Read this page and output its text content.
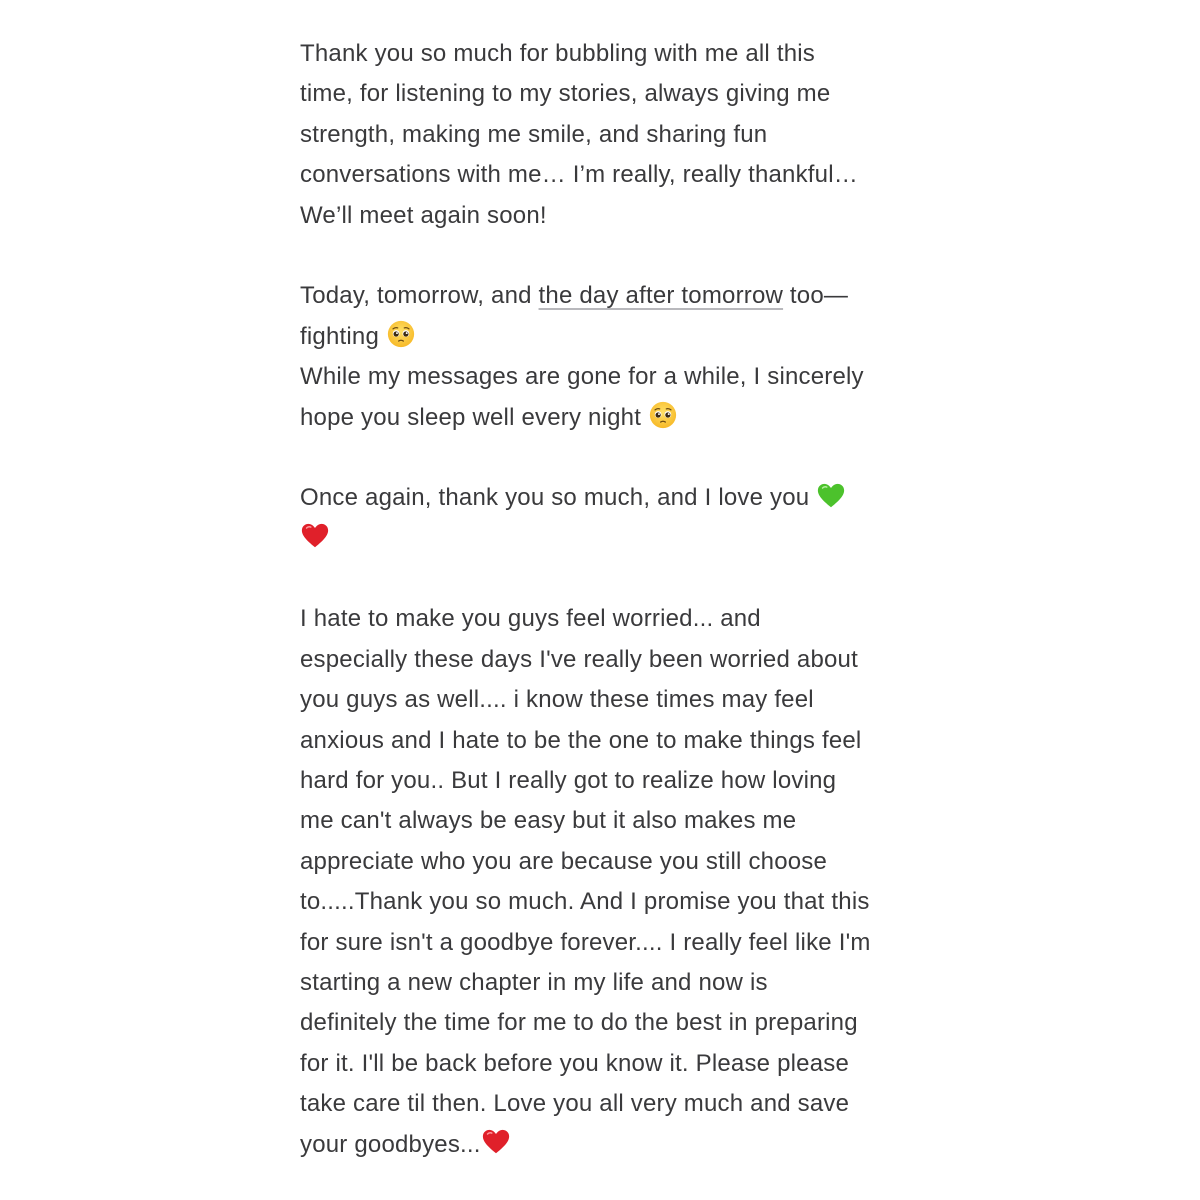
Thank you so much for bubbling with me all this
time, for listening to my stories, always giving me
strength, making me smile, and sharing fun
conversations with me… I’m really, really thankful…
We’ll meet again soon!
Today, tomorrow, and the day after tomorrow too—
fighting
While my messages are gone for a while, I sincerely
hope you sleep well every night
Once again, thank you so much, and I love you
I hate to make you guys feel worried... and
especially these days I've really been worried about
you guys as well.... i know these times may feel
anxious and I hate to be the one to make things feel
hard for you.. But I really got to realize how loving
me can't always be easy but it also makes me
appreciate who you are because you still choose
to.....Thank you so much. And I promise you that this
for sure isn't a goodbye forever.... I really feel like I'm
starting a new chapter in my life and now is
definitely the time for me to do the best in preparing
for it. I'll be back before you know it. Please please
take care til then. Love you all very much and save
your goodbyes...
